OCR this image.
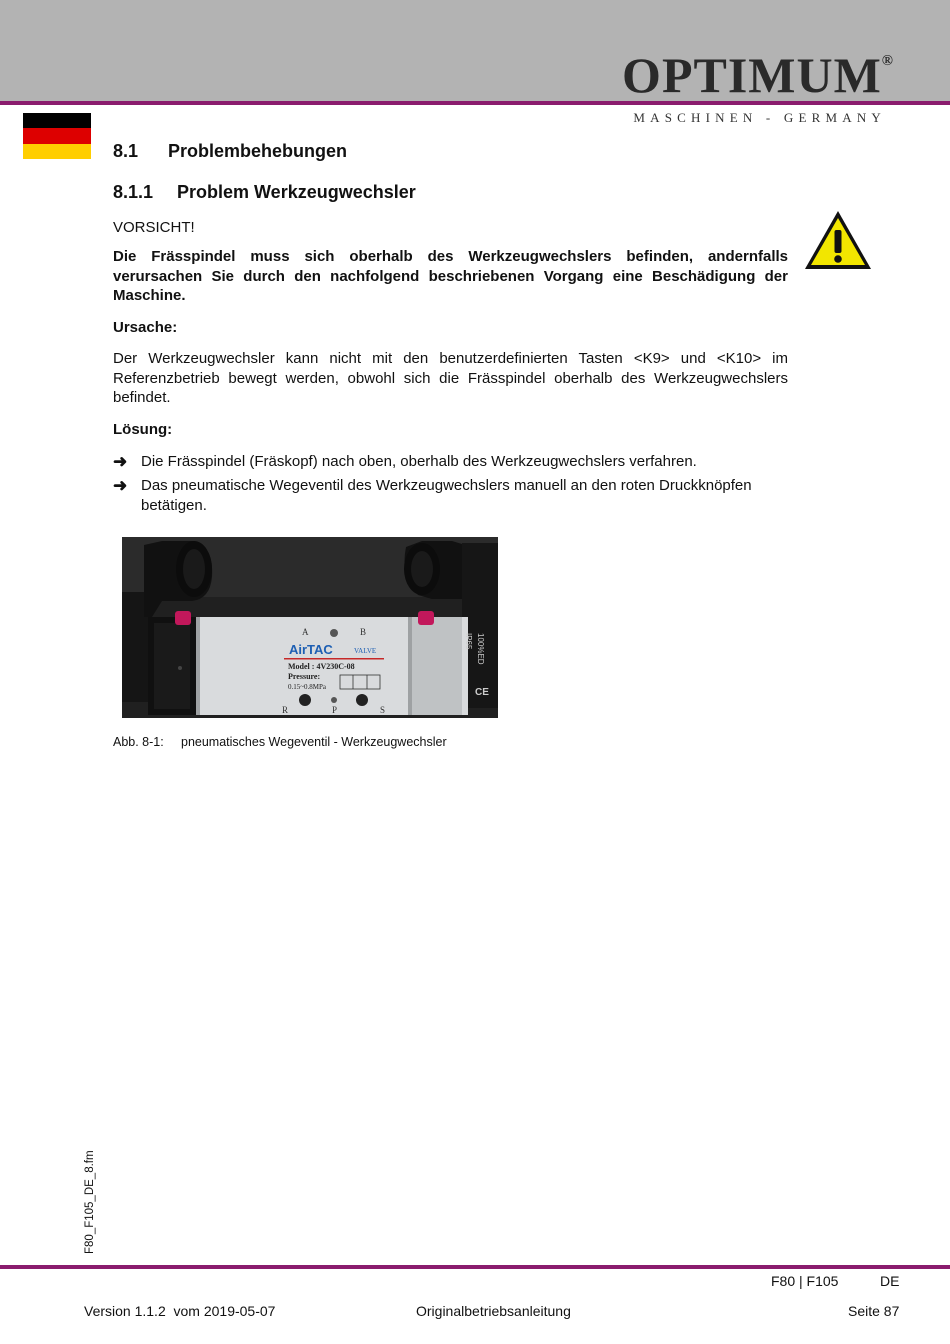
OPTIMUM®
MASCHINEN - GERMANY
8.1 Problembehebungen
8.1.1 Problem Werkzeugwechsler
VORSICHT!
Die Frässpindel muss sich oberhalb des Werkzeugwechslers befinden, andernfalls verursachen Sie durch den nachfolgend beschriebenen Vorgang eine Beschädigung der Maschine.
Ursache:
Der Werkzeugwechsler kann nicht mit den benutzerdefinierten Tasten <K9> und <K10> im Referenzbetrieb bewegt werden, obwohl sich die Frässpindel oberhalb des Werkzeugwechslers befindet.
Lösung:
➜ Die Frässpindel (Fräskopf) nach oben, oberhalb des Werkzeugwechslers verfahren.
➜ Das pneumatische Wegeventil des Werkzeugwechslers manuell an den roten Druckknöpfen betätigen.
A	B
AirTAC	VALVE
Model : 4V230C-08
Pressure:
0.15~0.8MPa
R	P	S
100%ED
IP65
CE
Abb. 8-1: pneumatisches Wegeventil - Werkzeugwechsler
F80_F105_DE_8.fm
F80 | F105	DE
Version 1.1.2  vom 2019-05-07	Originalbetriebsanleitung	Seite 87
